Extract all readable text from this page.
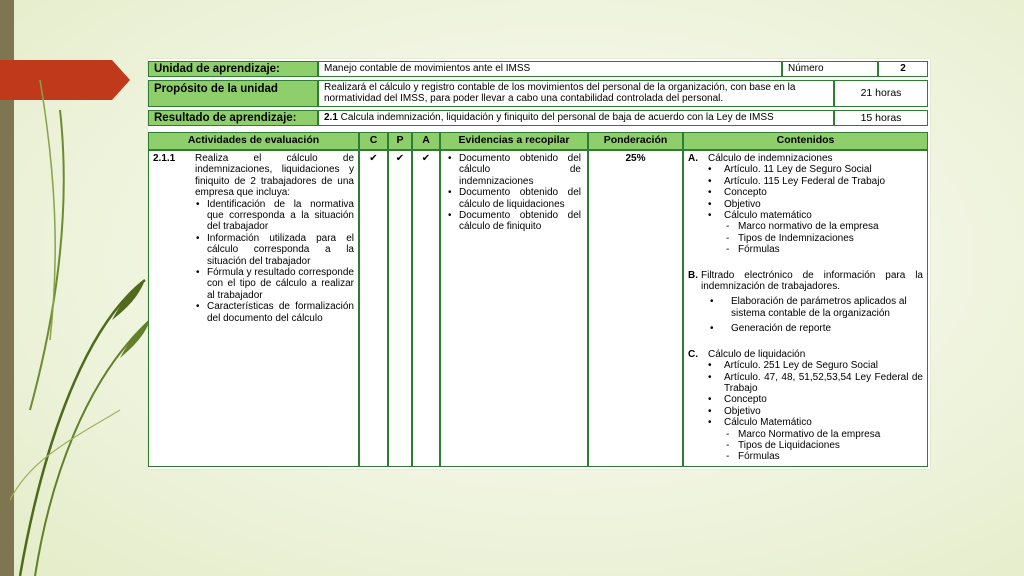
Unidad de aprendizaje:	Manejo contable de movimientos ante el IMSS	Número	2
Propósito de la unidad	Realizará el cálculo y registro contable de los movimientos del personal de la organización, con base en la normatividad del IMSS, para poder llevar a cabo una contabilidad controlada del personal.	21 horas
Resultado de aprendizaje:	2.1 Calcula indemnización, liquidación y finiquito del personal de baja de acuerdo con la Ley de IMSS	15 horas
Actividades de evaluación	C	P	A	Evidencias a recopilar	Ponderación	Contenidos
2.1.1	Realiza el cálculo de indemnizaciones, liquidaciones y finiquito de 2 trabajadores de una empresa que incluya:
• Identificación de la normativa que corresponda a la situación del trabajador
• Información utilizada para el cálculo corresponda a la situación del trabajador
• Fórmula y resultado corresponde con el tipo de cálculo a realizar al trabajador
• Características de formalización del documento del cálculo
✔	✔	✔
•	Documento obtenido del cálculo de indemnizaciones
• Documento obtenido del cálculo de liquidaciones
• Documento obtenido del cálculo de finiquito
25%	A.	Cálculo de indemnizaciones
• Artículo. 11 Ley de Seguro Social
• Artículo. 115 Ley Federal de Trabajo
• Concepto
• Objetivo
• Cálculo matemático
- Marco normativo de la empresa
- Tipos de Indemnizaciones
- Fórmulas
B. Filtrado electrónico de información para la indemnización de trabajadores.
• Elaboración de parámetros aplicados al sistema contable de la organización
• Generación de reporte
C.	Cálculo de liquidación
• Artículo. 251 Ley de Seguro Social
• Artículo. 47, 48, 51,52,53,54 Ley Federal de Trabajo
• Concepto
• Objetivo
• Cálculo Matemático
- Marco Normativo de la empresa
- Tipos de Liquidaciones
- Fórmulas
